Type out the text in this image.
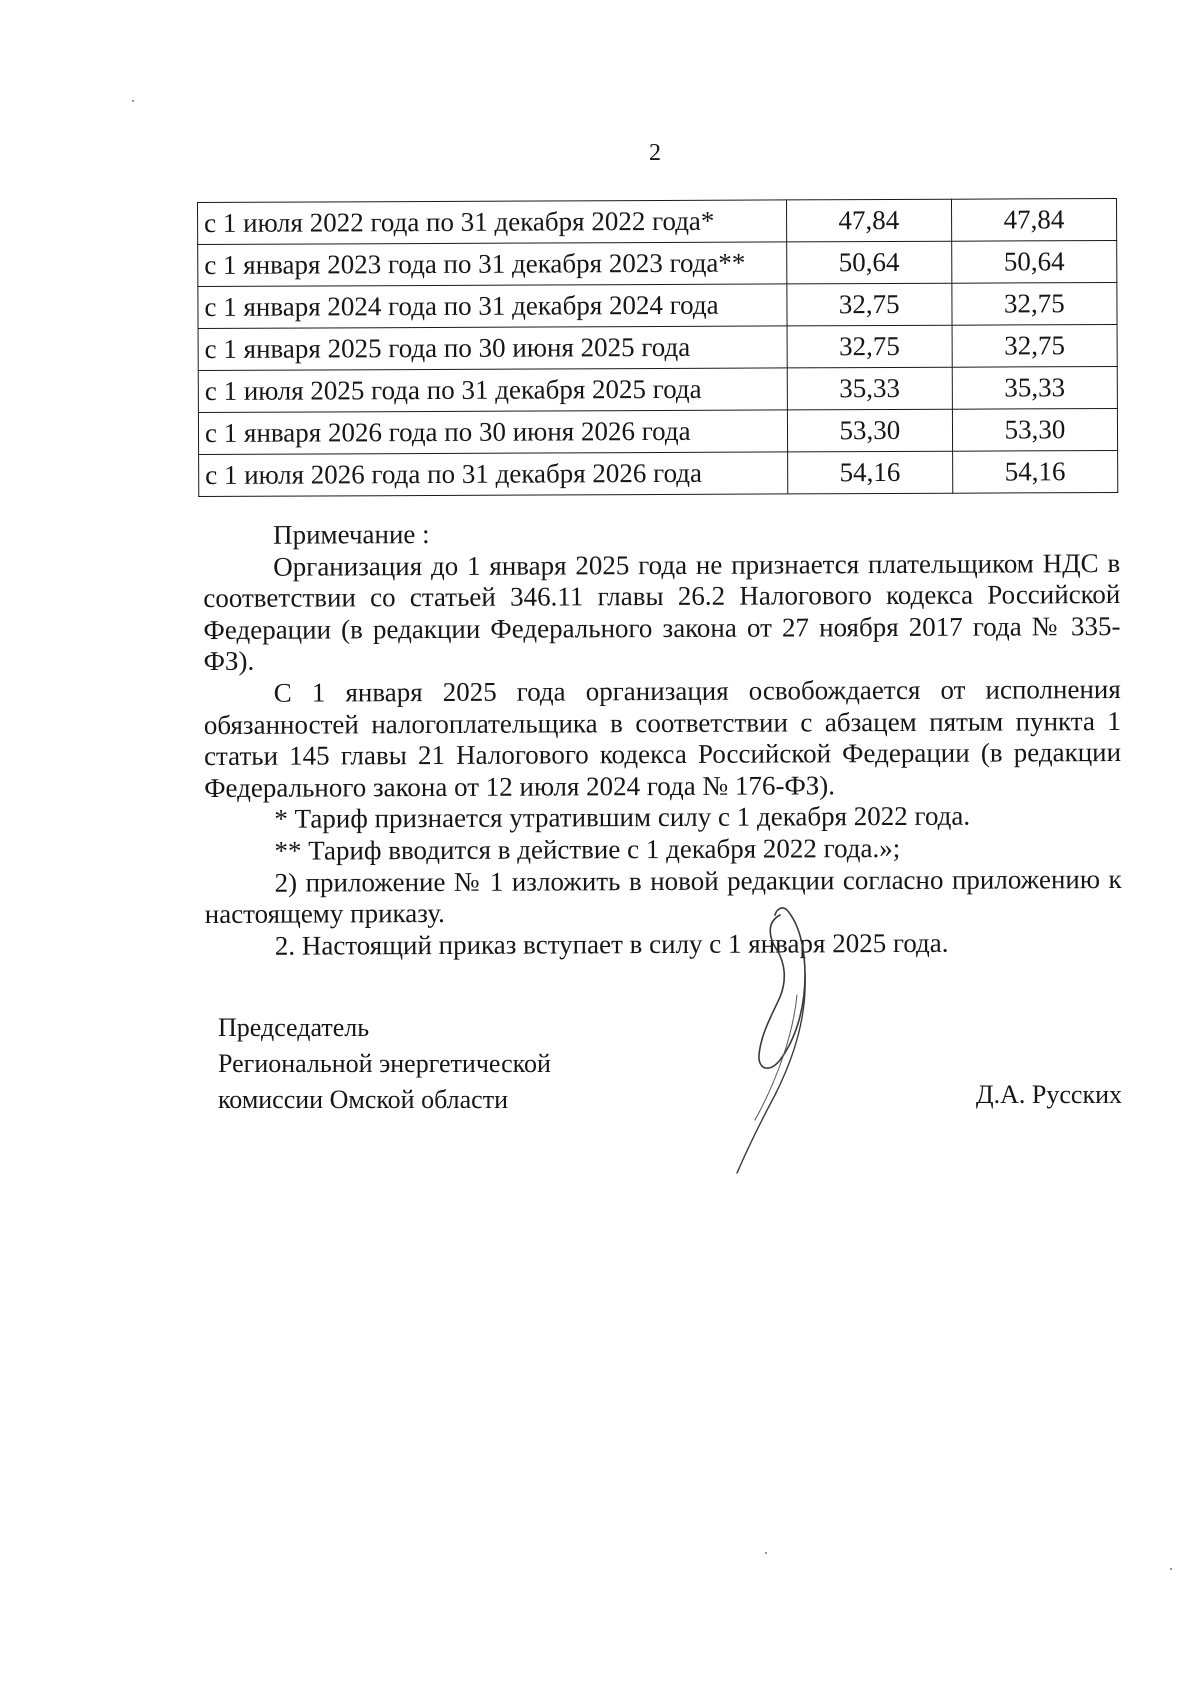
2
с 1 июля 2022 года по 31 декабря 2022 года*	47,84	47,84
с 1 января 2023 года по 31 декабря 2023 года**	50,64	50,64
с 1 января 2024 года по 31 декабря 2024 года	32,75	32,75
с 1 января 2025 года по 30 июня 2025 года	32,75	32,75
с 1 июля 2025 года по 31 декабря 2025 года	35,33	35,33
с 1 января 2026 года по 30 июня 2026 года	53,30	53,30
с 1 июля 2026 года по 31 декабря 2026 года	54,16	54,16

Примечание :

Организация до 1 января 2025 года не признается плательщиком НДС в соответствии со статьей 346.11 главы 26.2 Налогового кодекса Российской Федерации (в редакции Федерального закона от 27 ноября 2017 года № 335-ФЗ).

С 1 января 2025 года организация освобождается от исполнения обязанностей налогоплательщика в соответствии с абзацем пятым пункта 1 статьи 145 главы 21 Налогового кодекса Российской Федерации (в редакции Федерального закона от 12 июля 2024 года № 176-ФЗ).

* Тариф признается утратившим силу с 1 декабря 2022 года.

** Тариф вводится в действие с 1 декабря 2022 года.»;

2) приложение № 1 изложить в новой редакции согласно приложению к настоящему приказу.

2. Настоящий приказ вступает в силу с 1 января 2025 года.

Председатель
Региональной энергетической
комиссии Омской области	Д.А. Русских
